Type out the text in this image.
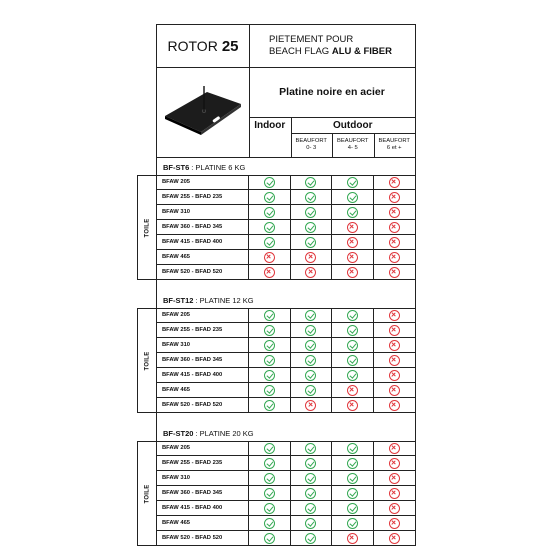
ROTOR 25	PIETEMENT POUR
BEACH FLAG ALU & FIBER
Platine noire en acier
Indoor	Outdoor
BEAUFORT
0- 3
BEAUFORT
4- 5
BEAUFORT
6 et +
BF-ST6 : PLATINE 6 KG
TOILE
BFAW 205
BFAW 255 - BFAD 235
BFAW 310
BFAW 360 - BFAD 345
BFAW 415 - BFAD 400
BFAW 465
BFAW 520 - BFAD 520
BF-ST12 : PLATINE 12 KG
TOILE
BFAW 205
BFAW 255 - BFAD 235
BFAW 310
BFAW 360 - BFAD 345
BFAW 415 - BFAD 400
BFAW 465
BFAW 520 - BFAD 520
BF-ST20 : PLATINE 20 KG
TOILE
BFAW 205
BFAW 255 - BFAD 235
BFAW 310
BFAW 360 - BFAD 345
BFAW 415 - BFAD 400
BFAW 465
BFAW 520 - BFAD 520
